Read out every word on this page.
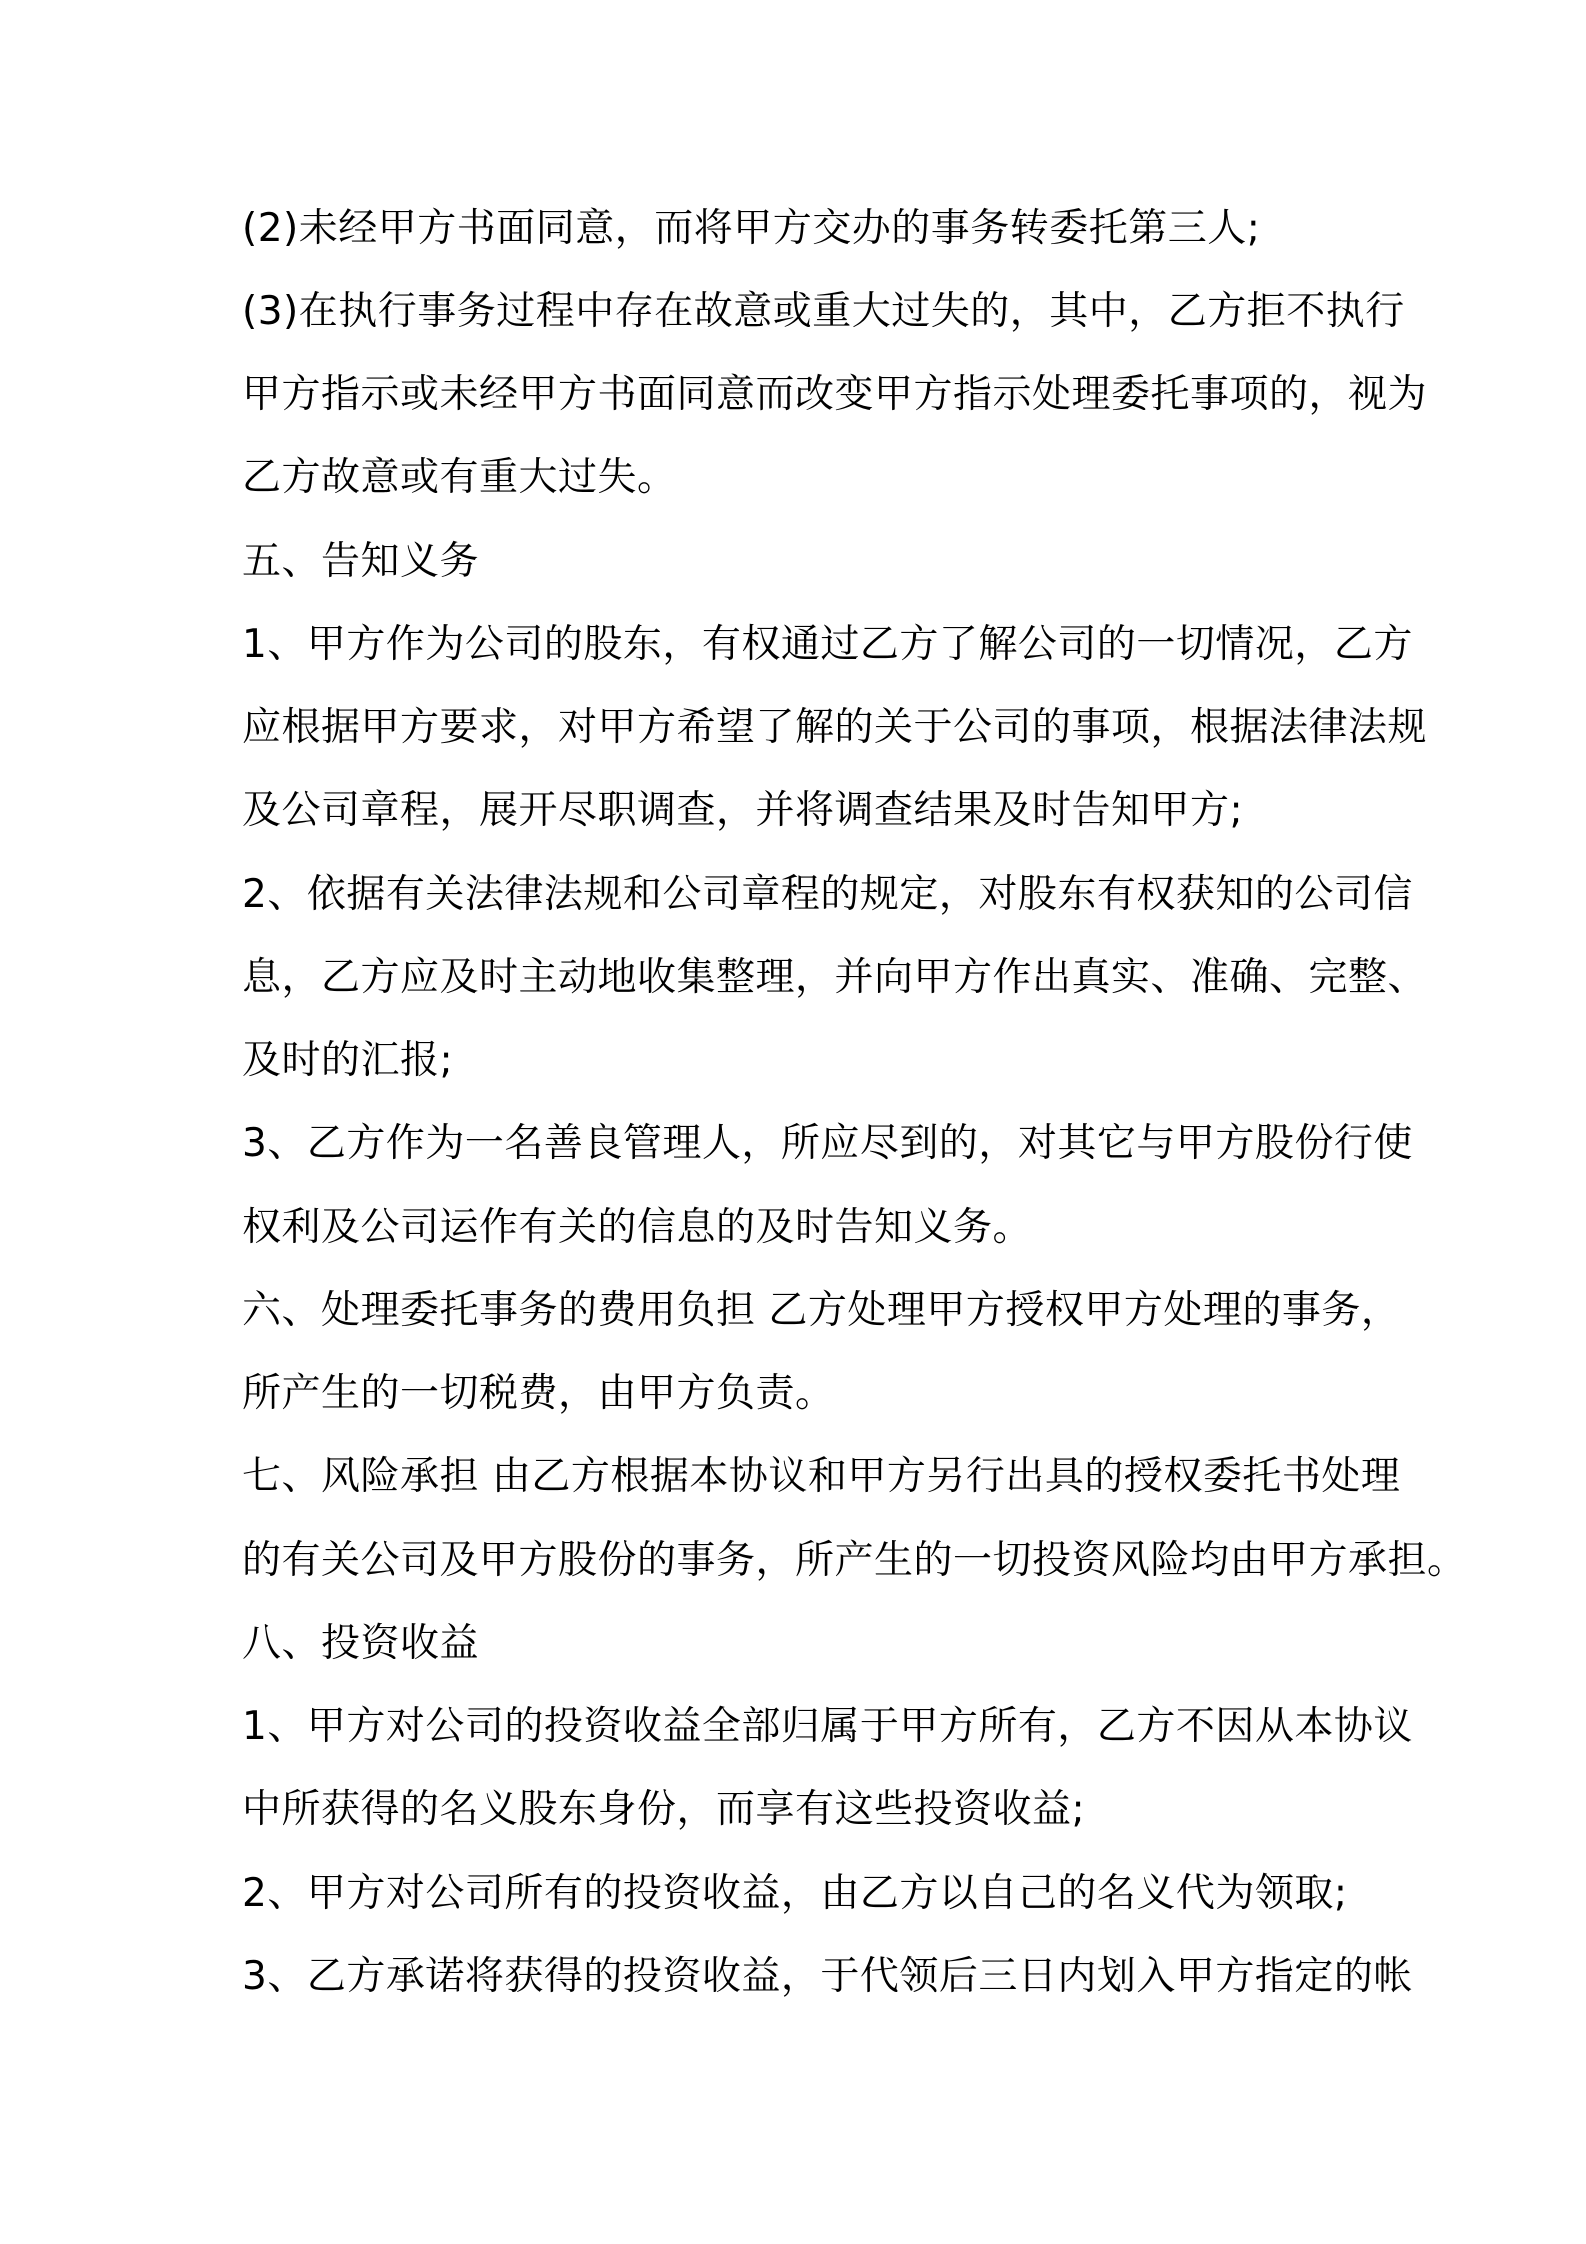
(2)未经甲方书面同意，而将甲方交办的事务转委托第三人;

(3)在执行事务过程中存在故意或重大过失的，其中，乙方拒不执行

甲方指示或未经甲方书面同意而改变甲方指示处理委托事项的，视为

乙方故意或有重大过失。

五、告知义务

1、甲方作为公司的股东，有权通过乙方了解公司的一切情况，乙方

应根据甲方要求，对甲方希望了解的关于公司的事项，根据法律法规

及公司章程，展开尽职调查，并将调查结果及时告知甲方;

2、依据有关法律法规和公司章程的规定，对股东有权获知的公司信

息，乙方应及时主动地收集整理，并向甲方作出真实、准确、完整、

及时的汇报;

3、乙方作为一名善良管理人，所应尽到的，对其它与甲方股份行使

权利及公司运作有关的信息的及时告知义务。

六、处理委托事务的费用负担 乙方处理甲方授权甲方处理的事务，

所产生的一切税费，由甲方负责。

七、风险承担 由乙方根据本协议和甲方另行出具的授权委托书处理

的有关公司及甲方股份的事务，所产生的一切投资风险均由甲方承担。

八、投资收益

1、甲方对公司的投资收益全部归属于甲方所有，乙方不因从本协议

中所获得的名义股东身份，而享有这些投资收益;

2、甲方对公司所有的投资收益，由乙方以自己的名义代为领取;

3、乙方承诺将获得的投资收益，于代领后三日内划入甲方指定的帐
